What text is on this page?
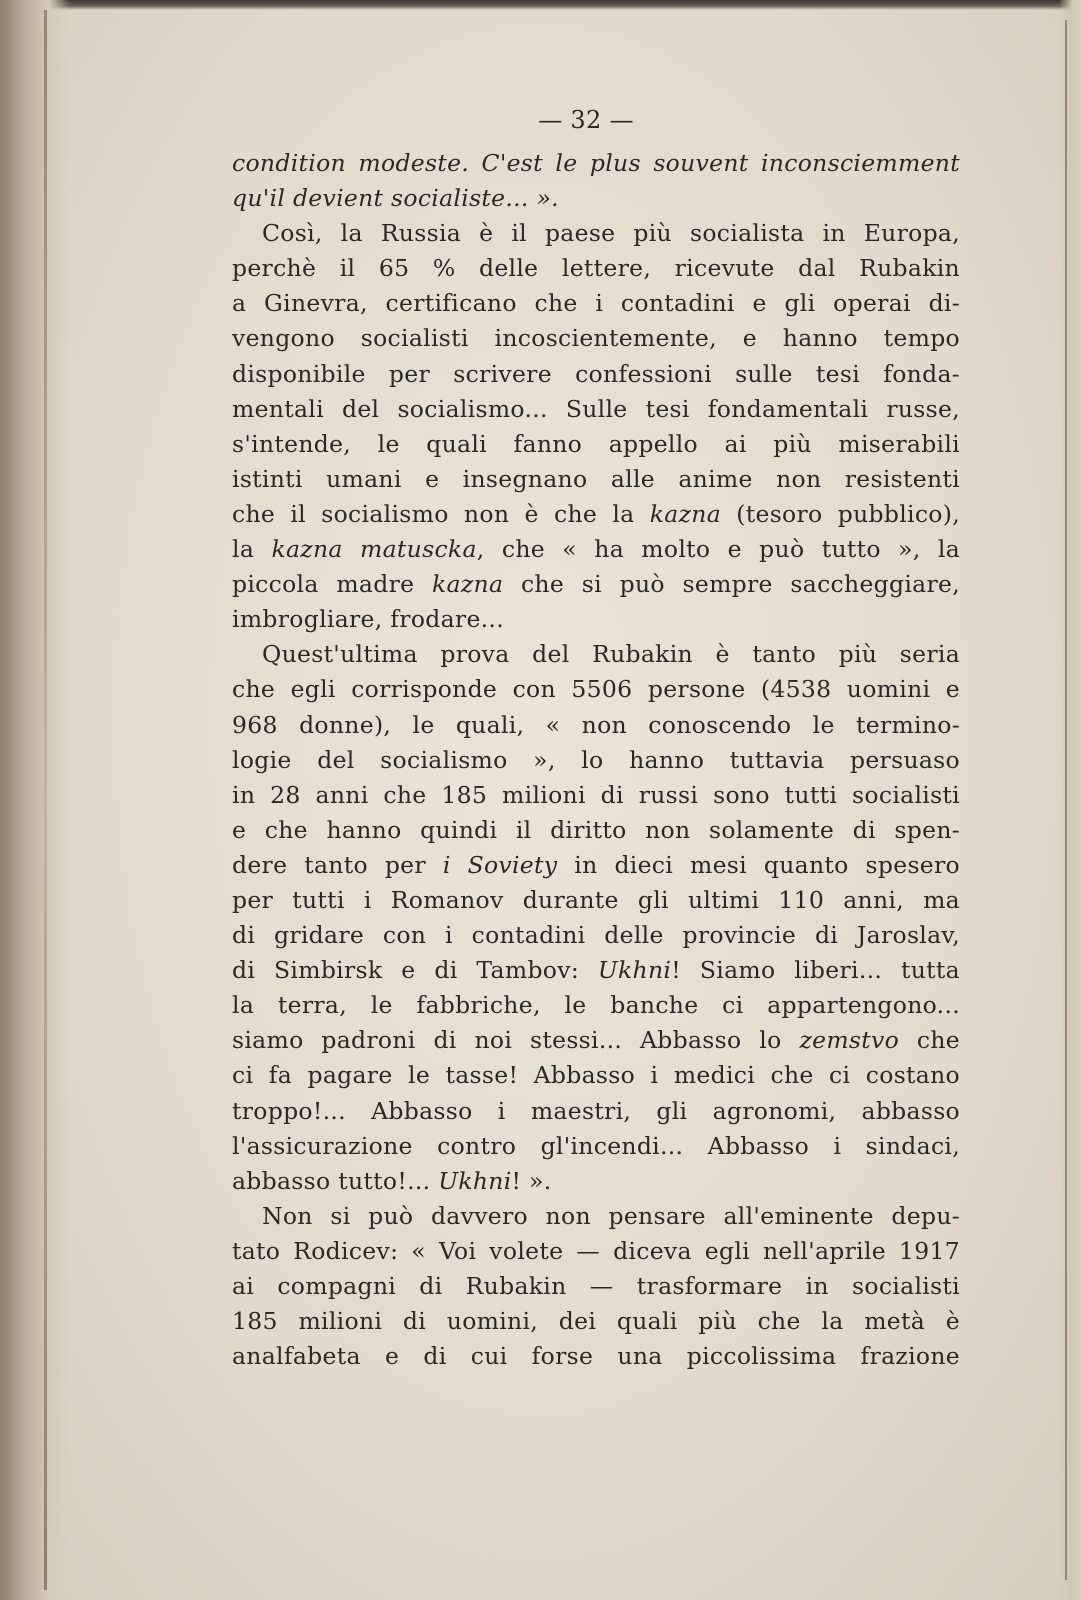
— 32 —
condition modeste. C'est le plus souvent inconsciemment
qu'il devient socialiste... ».
Così, la Russia è il paese più socialista in Europa,
perchè il 65 % delle lettere, ricevute dal Rubakin
a Ginevra, certificano che i contadini e gli operai di-
vengono socialisti incoscientemente, e hanno tempo
disponibile per scrivere confessioni sulle tesi fonda-
mentali del socialismo... Sulle tesi fondamentali russe,
s'intende, le quali fanno appello ai più miserabili
istinti umani e insegnano alle anime non resistenti
che il socialismo non è che la kazna (tesoro pubblico),
la kazna matuscka, che « ha molto e può tutto », la
piccola madre kazna che si può sempre saccheggiare,
imbrogliare, frodare...
Quest'ultima prova del Rubakin è tanto più seria
che egli corrisponde con 5506 persone (4538 uomini e
968 donne), le quali, « non conoscendo le termino-
logie del socialismo », lo hanno tuttavia persuaso
in 28 anni che 185 milioni di russi sono tutti socialisti
e che hanno quindi il diritto non solamente di spen-
dere tanto per i Soviety in dieci mesi quanto spesero
per tutti i Romanov durante gli ultimi 110 anni, ma
di gridare con i contadini delle provincie di Jaroslav,
di Simbirsk e di Tambov: Ukhni! Siamo liberi... tutta
la terra, le fabbriche, le banche ci appartengono...
siamo padroni di noi stessi... Abbasso lo zemstvo che
ci fa pagare le tasse! Abbasso i medici che ci costano
troppo!... Abbasso i maestri, gli agronomi, abbasso
l'assicurazione contro gl'incendi... Abbasso i sindaci,
abbasso tutto!... Ukhni! ».
Non si può davvero non pensare all'eminente depu-
tato Rodicev: « Voi volete — diceva egli nell'aprile 1917
ai compagni di Rubakin — trasformare in socialisti
185 milioni di uomini, dei quali più che la metà è
analfabeta e di cui forse una piccolissima frazione
